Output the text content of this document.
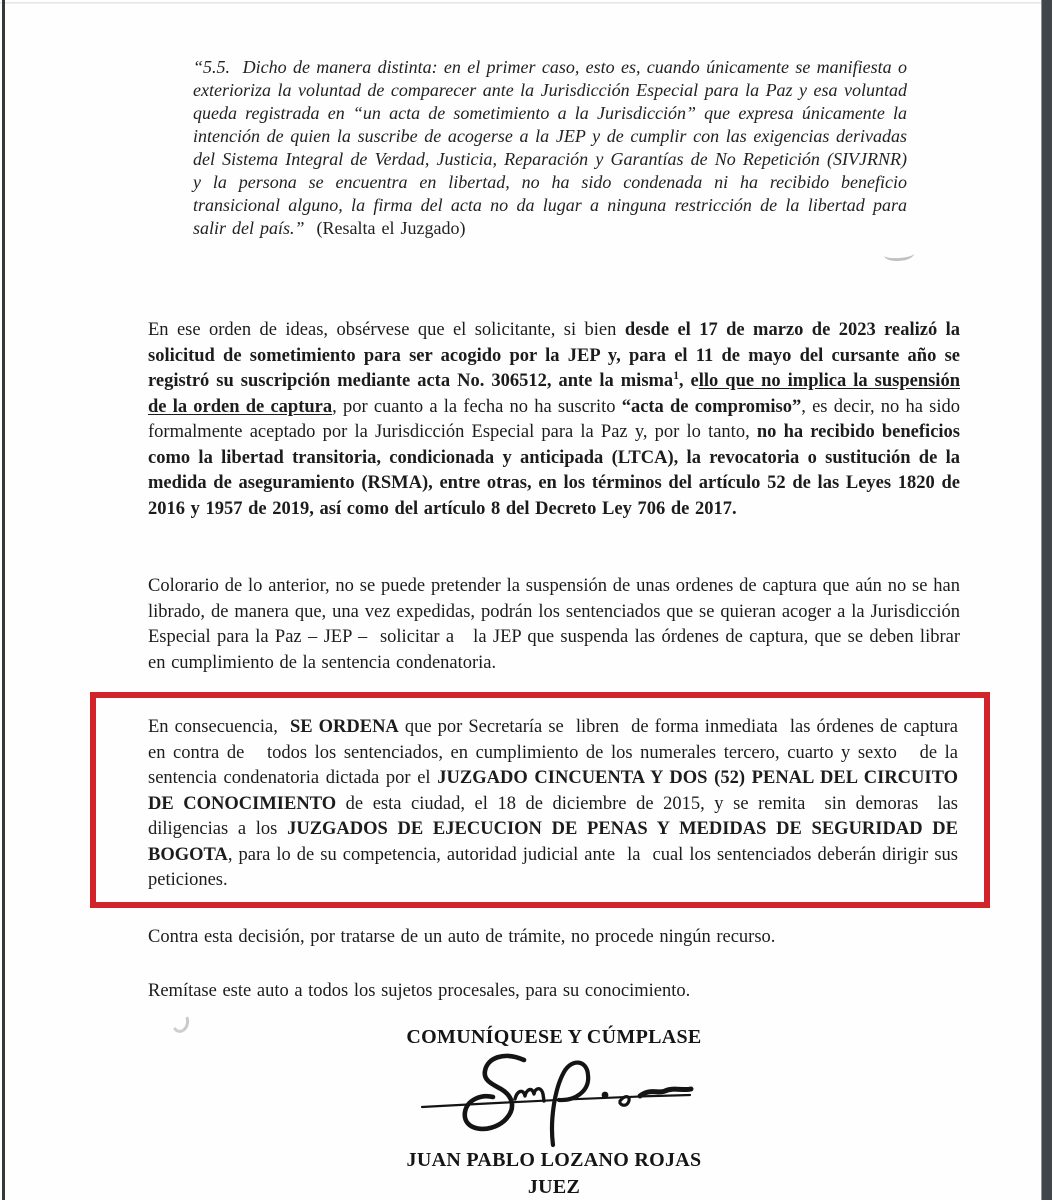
“5.5.  Dicho de manera distinta: en el primer caso, esto es, cuando únicamente se manifiesta o exterioriza la voluntad de comparecer ante la Jurisdicción Especial para la Paz y esa voluntad queda registrada en “un acta de sometimiento a la Jurisdicción” que expresa únicamente la intención de quien la suscribe de acogerse a la JEP y de cumplir con las exigencias derivadas del Sistema Integral de Verdad, Justicia, Reparación y Garantías de No Repetición (SIVJRNR) y la persona se encuentra en libertad, no ha sido condenada ni ha recibido beneficio transicional alguno, la firma del acta no da lugar a ninguna restricción de la libertad para salir del país.”  (Resalta el Juzgado)
En ese orden de ideas, obsérvese que el solicitante, si bien desde el 17 de marzo de 2023 realizó la solicitud de sometimiento para ser acogido por la JEP y, para el 11 de mayo del cursante año se registró su suscripción mediante acta No. 306512, ante la misma$^1$, ello que no implica la suspensión de la orden de captura, por cuanto a la fecha no ha suscrito “acta de compromiso”, es decir, no ha sido formalmente aceptado por la Jurisdicción Especial para la Paz y, por lo tanto, no ha recibido beneficios como la libertad transitoria, condicionada y anticipada (LTCA), la revocatoria o sustitución de la medida de aseguramiento (RSMA), entre otras, en los términos del artículo 52 de las Leyes 1820 de 2016 y 1957 de 2019, así como del artículo 8 del Decreto Ley 706 de 2017.
Colorario de lo anterior, no se puede pretender la suspensión de unas ordenes de captura que aún no se han librado, de manera que, una vez expedidas, podrán los sentenciados que se quieran acoger a la Jurisdicción Especial para la Paz – JEP –  solicitar a   la JEP que suspenda las órdenes de captura, que se deben librar en cumplimiento de la sentencia condenatoria.
En consecuencia,  SE ORDENA que por Secretaría se  libren  de forma inmediata  las órdenes de captura en contra de   todos los sentenciados, en cumplimiento de los numerales tercero, cuarto y sexto   de la sentencia condenatoria dictada por el JUZGADO CINCUENTA Y DOS (52) PENAL DEL CIRCUITO DE CONOCIMIENTO de esta ciudad, el 18 de diciembre de 2015, y se remita  sin demoras  las diligencias a los JUZGADOS DE EJECUCION DE PENAS Y MEDIDAS DE SEGURIDAD DE BOGOTA, para lo de su competencia, autoridad judicial ante  la  cual los sentenciados deberán dirigir sus peticiones.
Contra esta decisión, por tratarse de un auto de trámite, no procede ningún recurso.
Remítase este auto a todos los sujetos procesales, para su conocimiento.
COMUNÍQUESE Y CÚMPLASE
JUAN PABLO LOZANO ROJAS
JUEZ
